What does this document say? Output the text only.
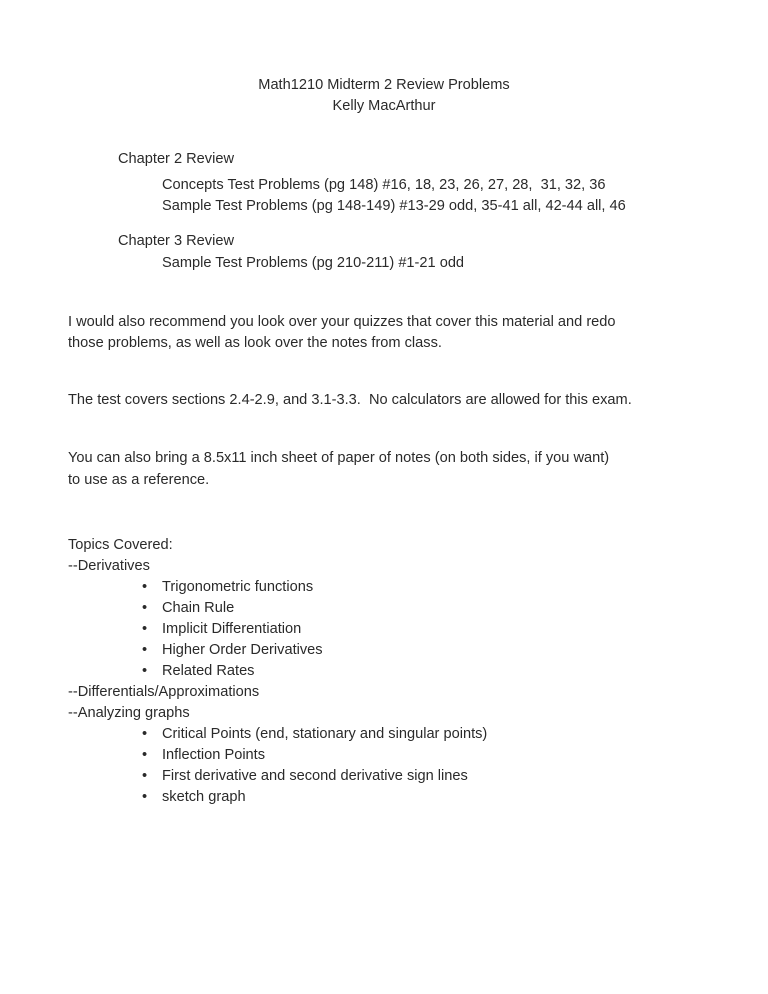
Math1210 Midterm 2 Review Problems
Kelly MacArthur
Chapter 2 Review
Concepts Test Problems (pg 148) #16, 18, 23, 26, 27, 28,  31, 32, 36
Sample Test Problems (pg 148-149) #13-29 odd, 35-41 all, 42-44 all, 46
Chapter 3 Review
Sample Test Problems (pg 210-211) #1-21 odd
I would also recommend you look over your quizzes that cover this material and redo
those problems, as well as look over the notes from class.
The test covers sections 2.4-2.9, and 3.1-3.3.  No calculators are allowed for this exam.
You can also bring a 8.5x11 inch sheet of paper of notes (on both sides, if you want)
to use as a reference.
Topics Covered:
--Derivatives
• Trigonometric functions
• Chain Rule
• Implicit Differentiation
• Higher Order Derivatives
• Related Rates
--Differentials/Approximations
--Analyzing graphs
• Critical Points (end, stationary and singular points)
• Inflection Points
• First derivative and second derivative sign lines
• sketch graph
